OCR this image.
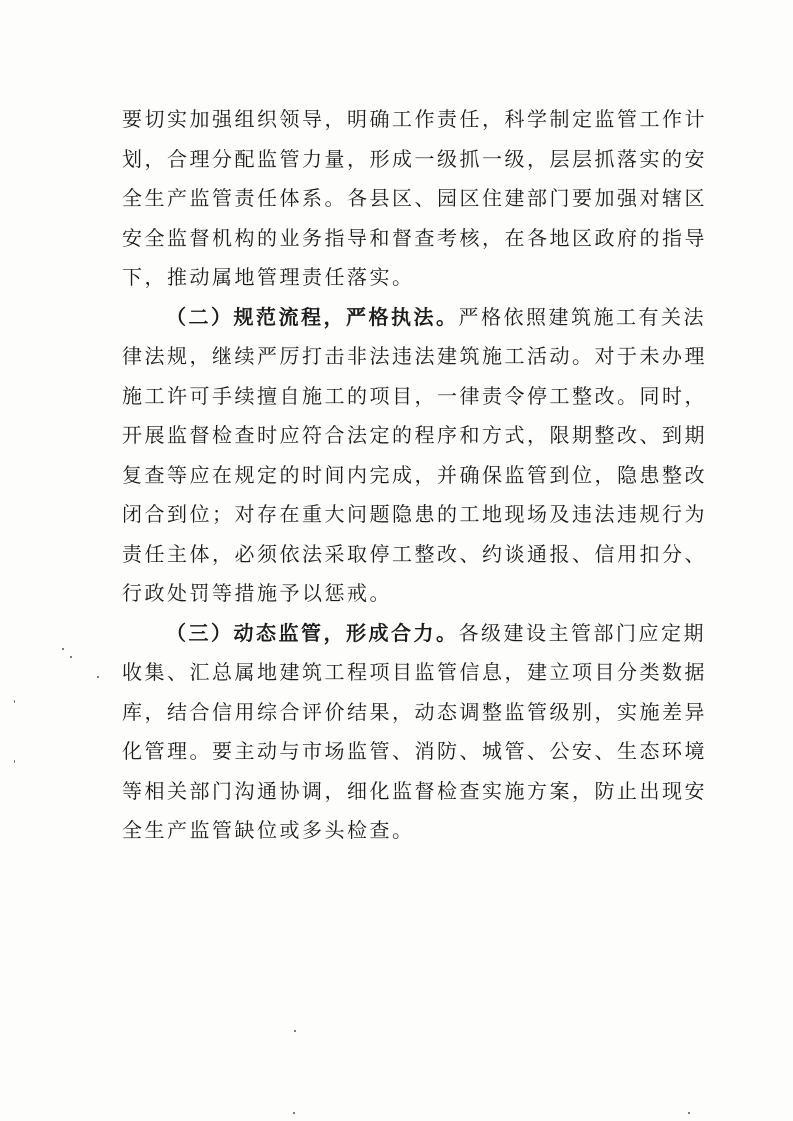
要切实加强组织领导，明确工作责任，科学制定监管工作计
划，合理分配监管力量，形成一级抓一级，层层抓落实的安
全生产监管责任体系。各县区、园区住建部门要加强对辖区
安全监督机构的业务指导和督查考核，在各地区政府的指导
下，推动属地管理责任落实。
（二）规范流程，严格执法。严格依照建筑施工有关法
律法规，继续严厉打击非法违法建筑施工活动。对于未办理
施工许可手续擅自施工的项目，一律责令停工整改。同时，
开展监督检查时应符合法定的程序和方式，限期整改、到期
复查等应在规定的时间内完成，并确保监管到位，隐患整改
闭合到位；对存在重大问题隐患的工地现场及违法违规行为
责任主体，必须依法采取停工整改、约谈通报、信用扣分、
行政处罚等措施予以惩戒。
（三）动态监管，形成合力。各级建设主管部门应定期
收集、汇总属地建筑工程项目监管信息，建立项目分类数据
库，结合信用综合评价结果，动态调整监管级别，实施差异
化管理。要主动与市场监管、消防、城管、公安、生态环境
等相关部门沟通协调，细化监督检查实施方案，防止出现安
全生产监管缺位或多头检查。
